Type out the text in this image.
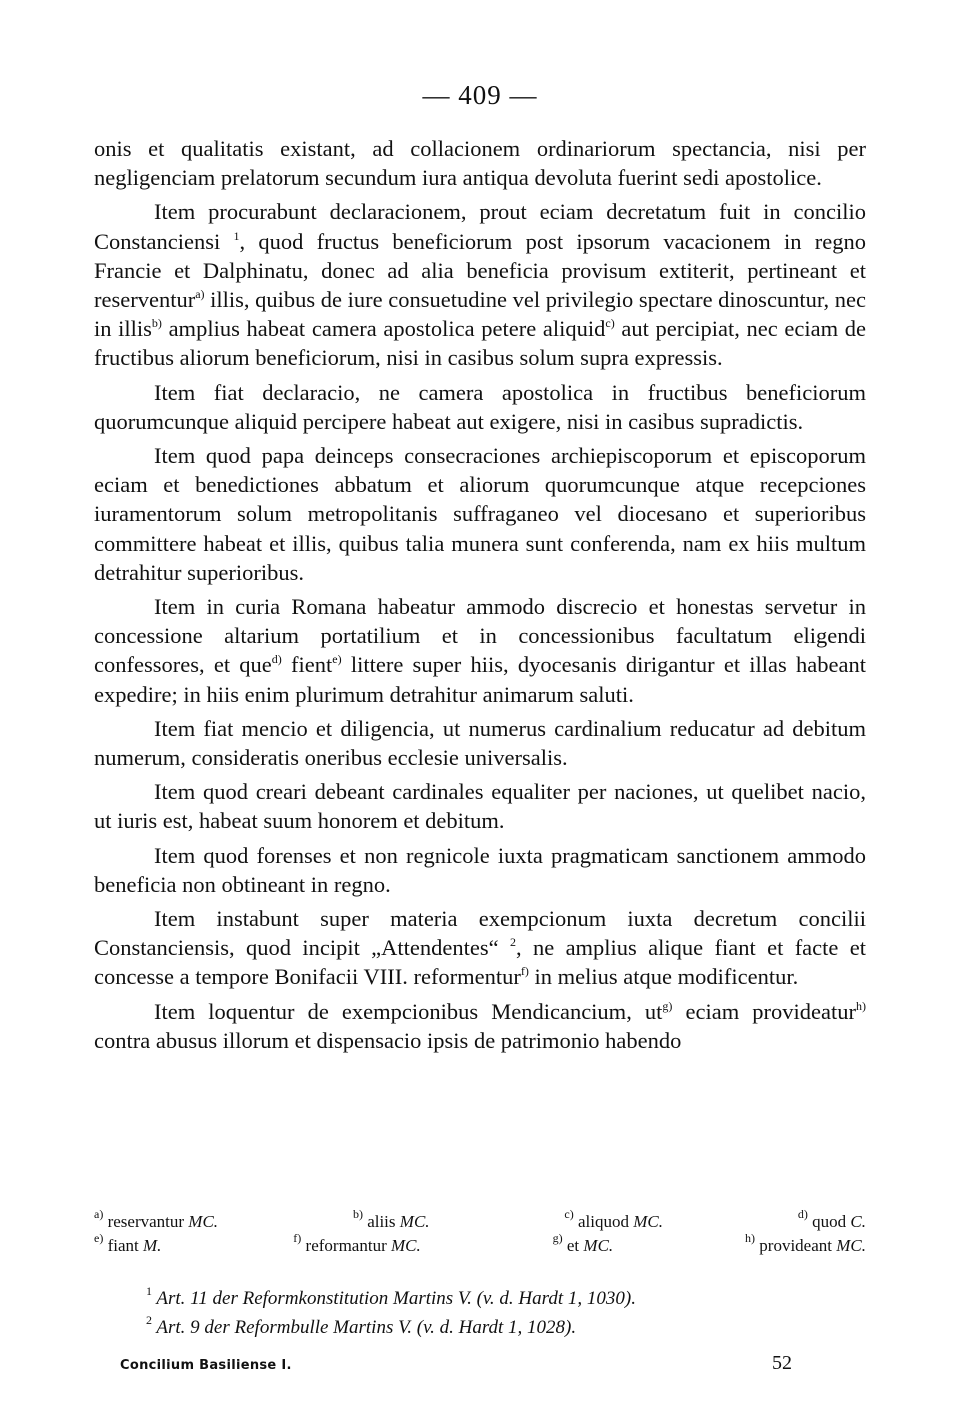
— 409 —

onis et qualitatis existant, ad collacionem ordinariorum spectancia, nisi per negligenciam prelatorum secundum iura antiqua devoluta fuerint sedi apostolice.

Item procurabunt declaracionem, prout eciam decretatum fuit in concilio Constanciensi $^1$, quod fructus beneficiorum post ipsorum vacacionem in regno Francie et Dalphinatu, donec ad alia beneficia provisum extiterit, pertineant et reserventur$^{a)}$ illis, quibus de iure consuetudine vel privilegio spectare dinoscuntur, nec in illis$^{b)}$ amplius habeat camera apostolica petere aliquid$^{c)}$ aut percipiat, nec eciam de fructibus aliorum beneficiorum, nisi in casibus solum supra expressis.

Item fiat declaracio, ne camera apostolica in fructibus beneficiorum quorumcunque aliquid percipere habeat aut exigere, nisi in casibus supradictis.

Item quod papa deinceps consecraciones archiepiscoporum et episcoporum eciam et benedictiones abbatum et aliorum quorumcunque atque recepciones iuramentorum solum metropolitanis suffraganeo vel diocesano et superioribus committere habeat et illis, quibus talia munera sunt conferenda, nam ex hiis multum detrahitur superioribus.

Item in curia Romana habeatur ammodo discrecio et honestas servetur in concessione altarium portatilium et in concessionibus facultatum eligendi confessores, et que$^{d)}$ fient$^{e)}$ littere super hiis, dyocesanis dirigantur et illas habeant expedire; in hiis enim plurimum detrahitur animarum saluti.

Item fiat mencio et diligencia, ut numerus cardinalium reducatur ad debitum numerum, consideratis oneribus ecclesie universalis.

Item quod creari debeant cardinales equaliter per naciones, ut quelibet nacio, ut iuris est, habeat suum honorem et debitum.

Item quod forenses et non regnicole iuxta pragmaticam sanctionem ammodo beneficia non obtineant in regno.

Item instabunt super materia exempcionum iuxta decretum concilii Constanciensis, quod incipit „Attendentes“ $^2$, ne amplius alique fiant et facte et concesse a tempore Bonifacii VIII. reformentur$^{f)}$ in melius atque modificentur.

Item loquentur de exempcionibus Mendicancium, $ut^{g)}$ eciam provideatur$^{h)}$ contra abusus illorum et dispensacio ipsis de patrimonio habendo

$^{a)}$ reservantur MC.	$^{b)}$ aliis MC.	$^{c)}$ aliquod MC.	$^{d)}$ quod C.
$^{e)}$ fiant M.	$^{f)}$ reformantur MC.	$^{g)}$ et MC.	$^{h)}$ provideant MC.
$^1$ Art. 11 der Reformkonstitution Martins V. (v. d. Hardt 1, 1030).
$^2$ Art. 9 der Reformbulle Martins V. (v. d. Hardt 1, 1028).
Concilium Basiliense I.	52
